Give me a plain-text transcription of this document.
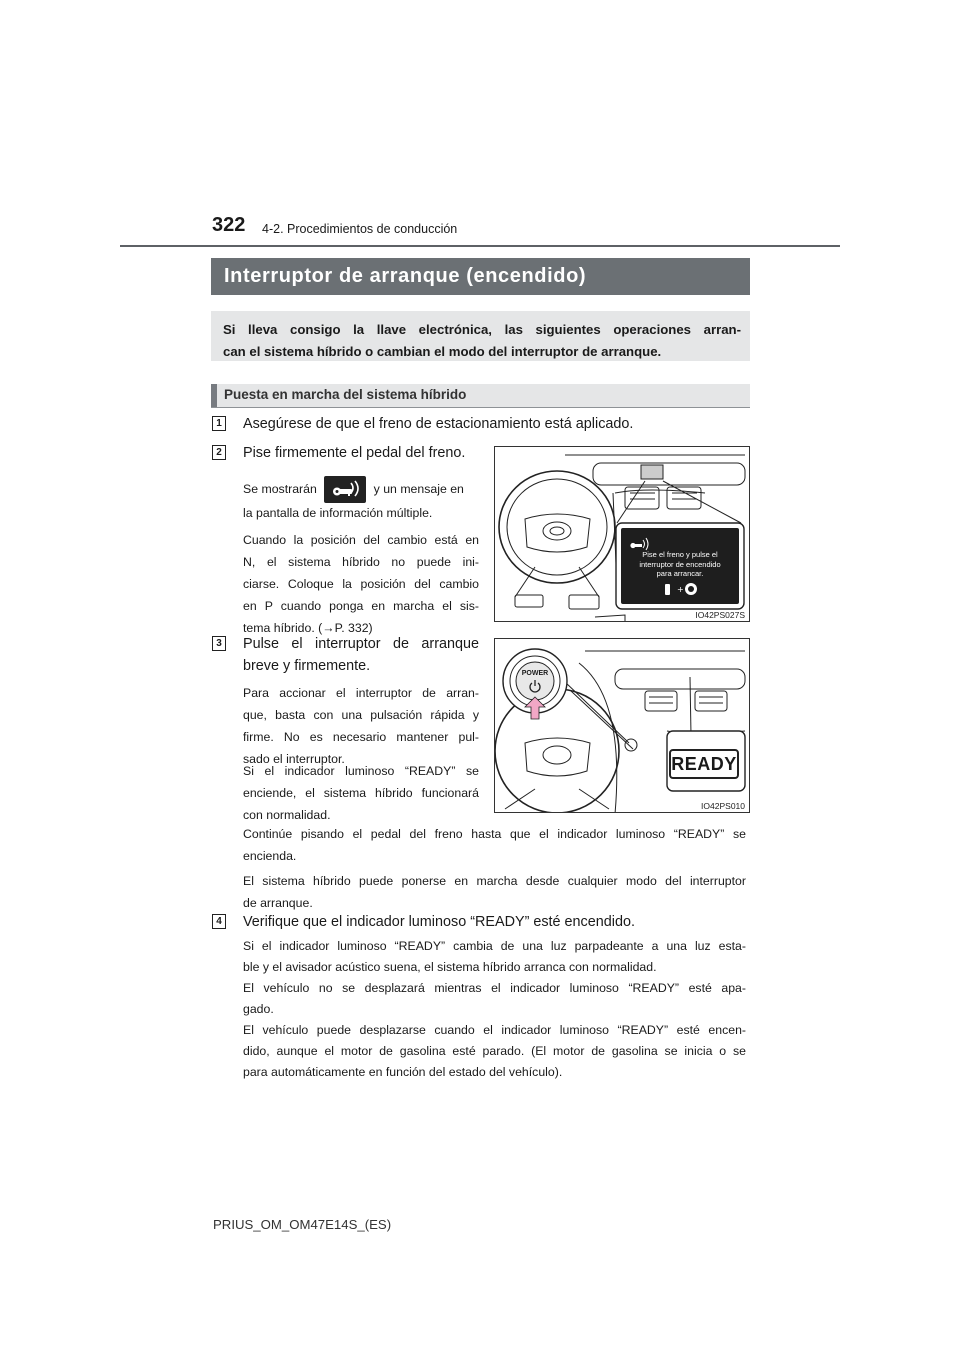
322 4-2. Procedimientos de conducción
Interruptor de arranque (encendido)
Si lleva consigo la llave electrónica, las siguientes operaciones arran-
can el sistema híbrido o cambian el modo del interruptor de arranque.
Puesta en marcha del sistema híbrido
1 Asegúrese de que el freno de estacionamiento está aplicado.
2 Pise firmemente el pedal del freno.
Se mostrarán	y un mensaje en
la pantalla de información múltiple.
Cuando la posición del cambio está en
N, el sistema híbrido no puede ini-
ciarse. Coloque la posición del cambio
en P cuando ponga en marcha el sis-
tema híbrido. (→P. 332)
Pise el freno y pulse el
interruptor de encendido
para arrancar.
+
IO42PS027S
3 Pulse el interruptor de arranque
breve y firmemente.
Para accionar el interruptor de arran-
que, basta con una pulsación rápida y
firme. No es necesario mantener pul-
sado el interruptor.
Si el indicador luminoso “READY” se
enciende, el sistema híbrido funcionará
con normalidad.
POWER
READY
IO42PS010
Continúe pisando el pedal del freno hasta que el indicador luminoso “READY” se
encienda.
El sistema híbrido puede ponerse en marcha desde cualquier modo del interruptor
de arranque.
4 Verifique que el indicador luminoso “READY” esté encendido.
Si el indicador luminoso “READY” cambia de una luz parpadeante a una luz esta-
ble y el avisador acústico suena, el sistema híbrido arranca con normalidad.
El vehículo no se desplazará mientras el indicador luminoso “READY” esté apa-
gado.
El vehículo puede desplazarse cuando el indicador luminoso “READY” esté encen-
dido, aunque el motor de gasolina esté parado. (El motor de gasolina se inicia o se
para automáticamente en función del estado del vehículo).
PRIUS_OM_OM47E14S_(ES)
